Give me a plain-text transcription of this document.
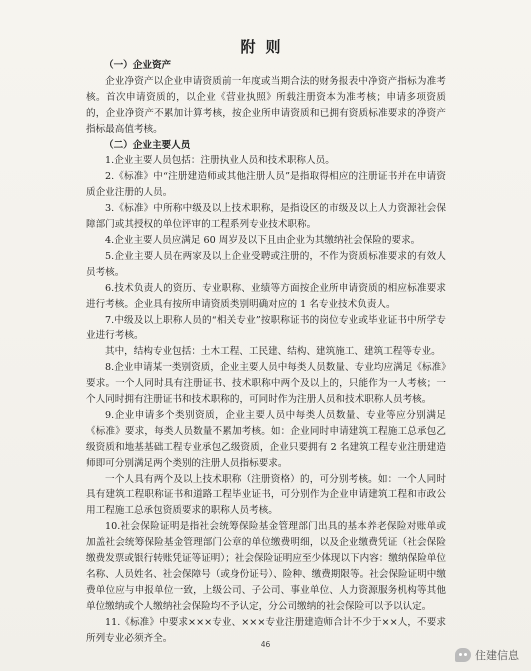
附则

（一）企业资产

企业净资产以企业申请资质前一年度或当期合法的财务报表中净资产指标为准考核。首次申请资质的，以企业《营业执照》所载注册资本为准考核；申请多项资质的，企业净资产不累加计算考核，按企业所申请资质和已拥有资质标准要求的净资产指标最高值考核。

（二）企业主要人员

1.企业主要人员包括：注册执业人员和技术职称人员。

2.《标准》中“注册建造师或其他注册人员”是指取得相应的注册证书并在申请资质企业注册的人员。

3.《标准》中所称中级及以上技术职称，是指设区的市级及以上人力资源社会保障部门或其授权的单位评审的工程系列专业技术职称。

4.企业主要人员应满足 60 周岁及以下且由企业为其缴纳社会保险的要求。

5.企业主要人员在两家及以上企业受聘或注册的，不作为资质标准要求的有效人员考核。

6.技术负责人的资历、专业职称、业绩等方面按企业所申请资质的相应标准要求进行考核。企业具有按所申请资质类别明确对应的 1 名专业技术负责人。

7.中级及以上职称人员的“相关专业”按职称证书的岗位专业或毕业证书中所学专业进行考核。

其中，结构专业包括：土木工程、工民建、结构、建筑施工、建筑工程等专业。

8.企业申请某一类别资质，企业主要人员中每类人员数量、专业均应满足《标准》要求。一个人同时具有注册证书、技术职称中两个及以上的，只能作为一人考核；一个人同时拥有注册证书和技术职称的，可同时作为注册人员和技术职称人员考核。

9.企业申请多个类别资质，企业主要人员中每类人员数量、专业等应分别满足《标准》要求，每类人员数量不累加考核。如：企业同时申请建筑工程施工总承包乙级资质和地基基础工程专业承包乙级资质，企业只要拥有 2 名建筑工程专业注册建造师即可分别满足两个类别的注册人员指标要求。

一个人具有两个及以上技术职称（注册资格）的，可分别考核。如：一个人同时具有建筑工程职称证书和道路工程毕业证书，可分别作为企业申请建筑工程和市政公用工程施工总承包资质要求的职称人员考核。

10.社会保险证明是指社会统筹保险基金管理部门出具的基本养老保险对账单或加盖社会统筹保险基金管理部门公章的单位缴费明细，以及企业缴费凭证（社会保险缴费发票或银行转账凭证等证明）；社会保险证明应至少体现以下内容：缴纳保险单位名称、人员姓名、社会保障号（或身份证号）、险种、缴费期限等。社会保险证明中缴费单位应与申报单位一致，上级公司、子公司、事业单位、人力资源服务机构等其他单位缴纳或个人缴纳社会保险均不予认定，分公司缴纳的社会保险可以予以认定。

11.《标准》中要求×××专业、×××专业注册建造师合计不少于××人，不要求所列专业必须齐全。

46
住建信息
